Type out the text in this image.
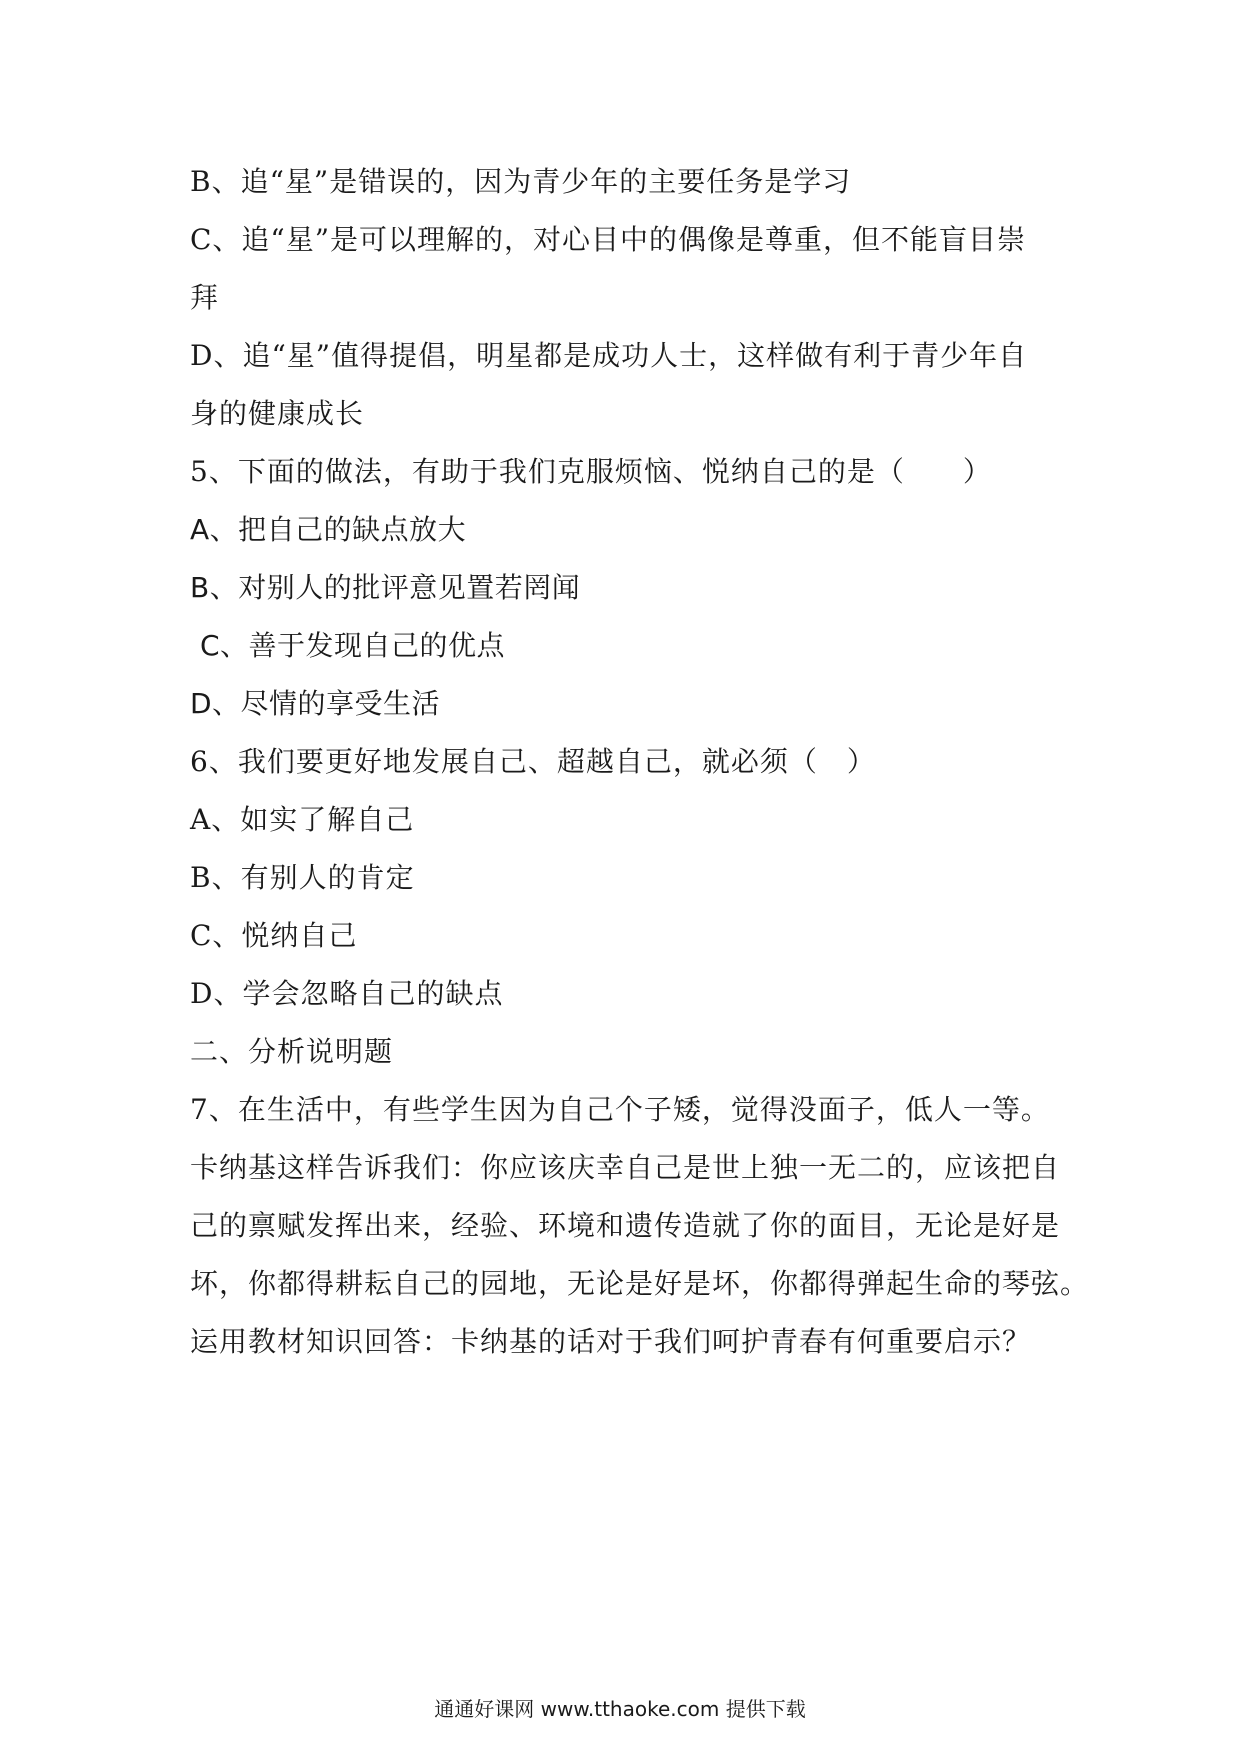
B、追“星”是错误的，因为青少年的主要任务是学习
C、追“星”是可以理解的，对心目中的偶像是尊重，但不能盲目崇
拜
D、追“星”值得提倡，明星都是成功人士，这样做有利于青少年自
身的健康成长
5、下面的做法，有助于我们克服烦恼、悦纳自己的是（　　）
A、把自己的缺点放大
B、对别人的批评意见置若罔闻
C、善于发现自己的优点
D、尽情的享受生活
6、我们要更好地发展自己、超越自己，就必须（　）
A、如实了解自己
B、有别人的肯定
C、悦纳自己
D、学会忽略自己的缺点
二、分析说明题
7、在生活中，有些学生因为自己个子矮，觉得没面子，低人一等。
卡纳基这样告诉我们：你应该庆幸自己是世上独一无二的，应该把自
己的禀赋发挥出来，经验、环境和遗传造就了你的面目，无论是好是
坏，你都得耕耘自己的园地，无论是好是坏，你都得弹起生命的琴弦。
运用教材知识回答：卡纳基的话对于我们呵护青春有何重要启示？
通通好课网 www.tthaoke.com 提供下载
